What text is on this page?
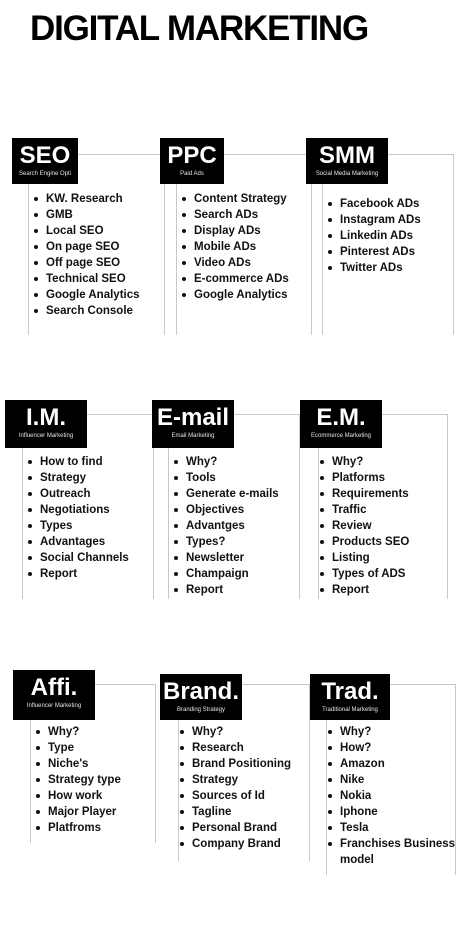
DIGITAL MARKETING
SEO
Search Engine Opti
KW. Research
GMB
Local SEO
On page SEO
Off page SEO
Technical SEO
Google Analytics
Search Console
PPC
Paid Ads
Content Strategy
Search ADs
Display ADs
Mobile ADs
Video ADs
E-commerce ADs
Google Analytics
SMM
Social Media Marketing
Facebook ADs
Instagram ADs
Linkedin ADs
Pinterest ADs
Twitter ADs
I.M.
Influencer Marketing
How to find
Strategy
Outreach
Negotiations
Types
Advantages
Social Channels
Report
E-mail
Email Marketing
Why?
Tools
Generate e-mails
Objectives
Advantges
Types?
Newsletter
Champaign
Report
E.M.
Ecommerce Marketing
Why?
Platforms
Requirements
Traffic
Review
Products SEO
Listing
Types of ADS
Report
Affi.
Influencer Marketing
Why?
Type
Niche's
Strategy type
How work
Major Player
Platfroms
Brand.
Branding Strategy
Why?
Research
Brand Positioning
Strategy
Sources of Id
Tagline
Personal Brand
Company Brand
Trad.
Traditional Marketing
Why?
How?
Amazon
Nike
Nokia
Iphone
Tesla
Franchises Business model
